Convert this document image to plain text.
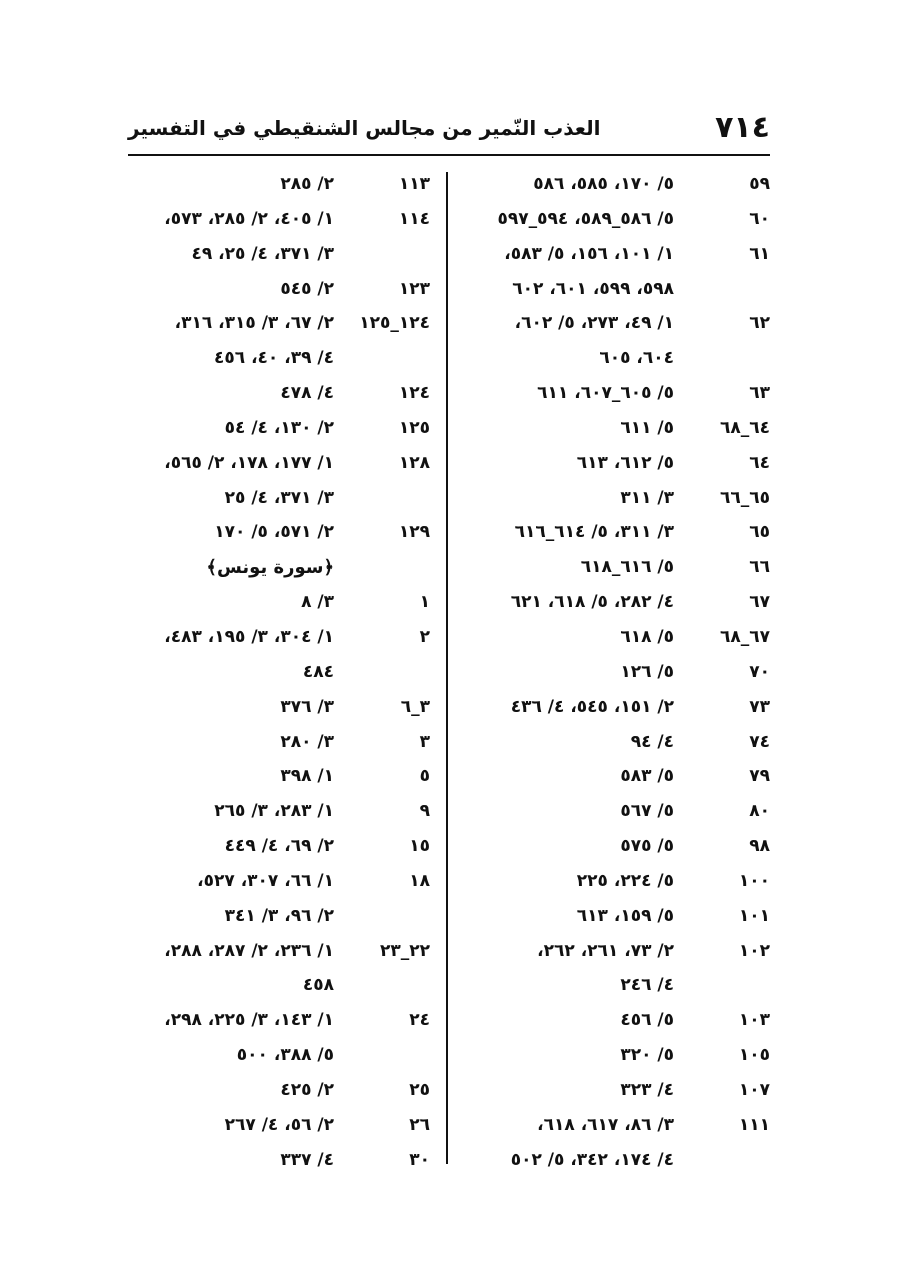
٧١٤
العذب النّمير من مجالس الشنقيطي في التفسير
٥٩
٥/ ١٧٠، ٥٨٥، ٥٨٦
٦٠
٥/ ٥٨٦_٥٨٩، ٥٩٤_٥٩٧
٦١
١/ ١٠١، ١٥٦، ٥/ ٥٨٣،
٥٩٨، ٥٩٩، ٦٠١، ٦٠٢
٦٢
١/ ٤٩، ٢٧٣، ٥/ ٦٠٢،
٦٠٤، ٦٠٥
٦٣
٥/ ٦٠٥_٦٠٧، ٦١١
٦٤_٦٨
٥/ ٦١١
٦٤
٥/ ٦١٢، ٦١٣
٦٥_٦٦
٣/ ٣١١
٦٥
٣/ ٣١١، ٥/ ٦١٤_٦١٦
٦٦
٥/ ٦١٦_٦١٨
٦٧
٤/ ٢٨٢، ٥/ ٦١٨، ٦٢١
٦٧_٦٨
٥/ ٦١٨
٧٠
٥/ ١٢٦
٧٣
٢/ ١٥١، ٥٤٥، ٤/ ٤٣٦
٧٤
٤/ ٩٤
٧٩
٥/ ٥٨٣
٨٠
٥/ ٥٦٧
٩٨
٥/ ٥٧٥
١٠٠
٥/ ٢٢٤، ٢٢٥
١٠١
٥/ ١٥٩، ٦١٣
١٠٢
٢/ ٧٣، ٢٦١، ٢٦٢،
٤/ ٢٤٦
١٠٣
٥/ ٤٥٦
١٠٥
٥/ ٣٢٠
١٠٧
٤/ ٣٢٣
١١١
٣/ ٨٦، ٦١٧، ٦١٨،
٤/ ١٧٤، ٣٤٢، ٥/ ٥٠٢
١١٣
٢/ ٢٨٥
١١٤
١/ ٤٠٥، ٢/ ٢٨٥، ٥٧٣،
٣/ ٣٧١، ٤/ ٢٥، ٤٩
١٢٣
٢/ ٥٤٥
١٢٤_١٢٥
٢/ ٦٧، ٣/ ٣١٥، ٣١٦،
٤/ ٣٩، ٤٠، ٤٥٦
١٢٤
٤/ ٤٧٨
١٢٥
٢/ ١٣٠، ٤/ ٥٤
١٢٨
١/ ١٧٧، ١٧٨، ٢/ ٥٦٥،
٣/ ٣٧١، ٤/ ٢٥
١٢٩
٢/ ٥٧١، ٥/ ١٧٠
﴿سورة يونس﴾
١
٣/ ٨
٢
١/ ٣٠٤، ٣/ ١٩٥، ٤٨٣،
٤٨٤
٣_٦
٣/ ٣٧٦
٣
٣/ ٢٨٠
٥
١/ ٣٩٨
٩
١/ ٢٨٣، ٣/ ٢٦٥
١٥
٢/ ٦٩، ٤/ ٤٤٩
١٨
١/ ٦٦، ٣٠٧، ٥٢٧،
٢/ ٩٦، ٣/ ٣٤١
٢٢_٢٣
١/ ٢٣٦، ٢/ ٢٨٧، ٢٨٨،
٤٥٨
٢٤
١/ ١٤٣، ٣/ ٢٢٥، ٢٩٨،
٥/ ٣٨٨، ٥٠٠
٢٥
٢/ ٤٢٥
٢٦
٢/ ٥٦، ٤/ ٢٦٧
٣٠
٤/ ٣٣٧
